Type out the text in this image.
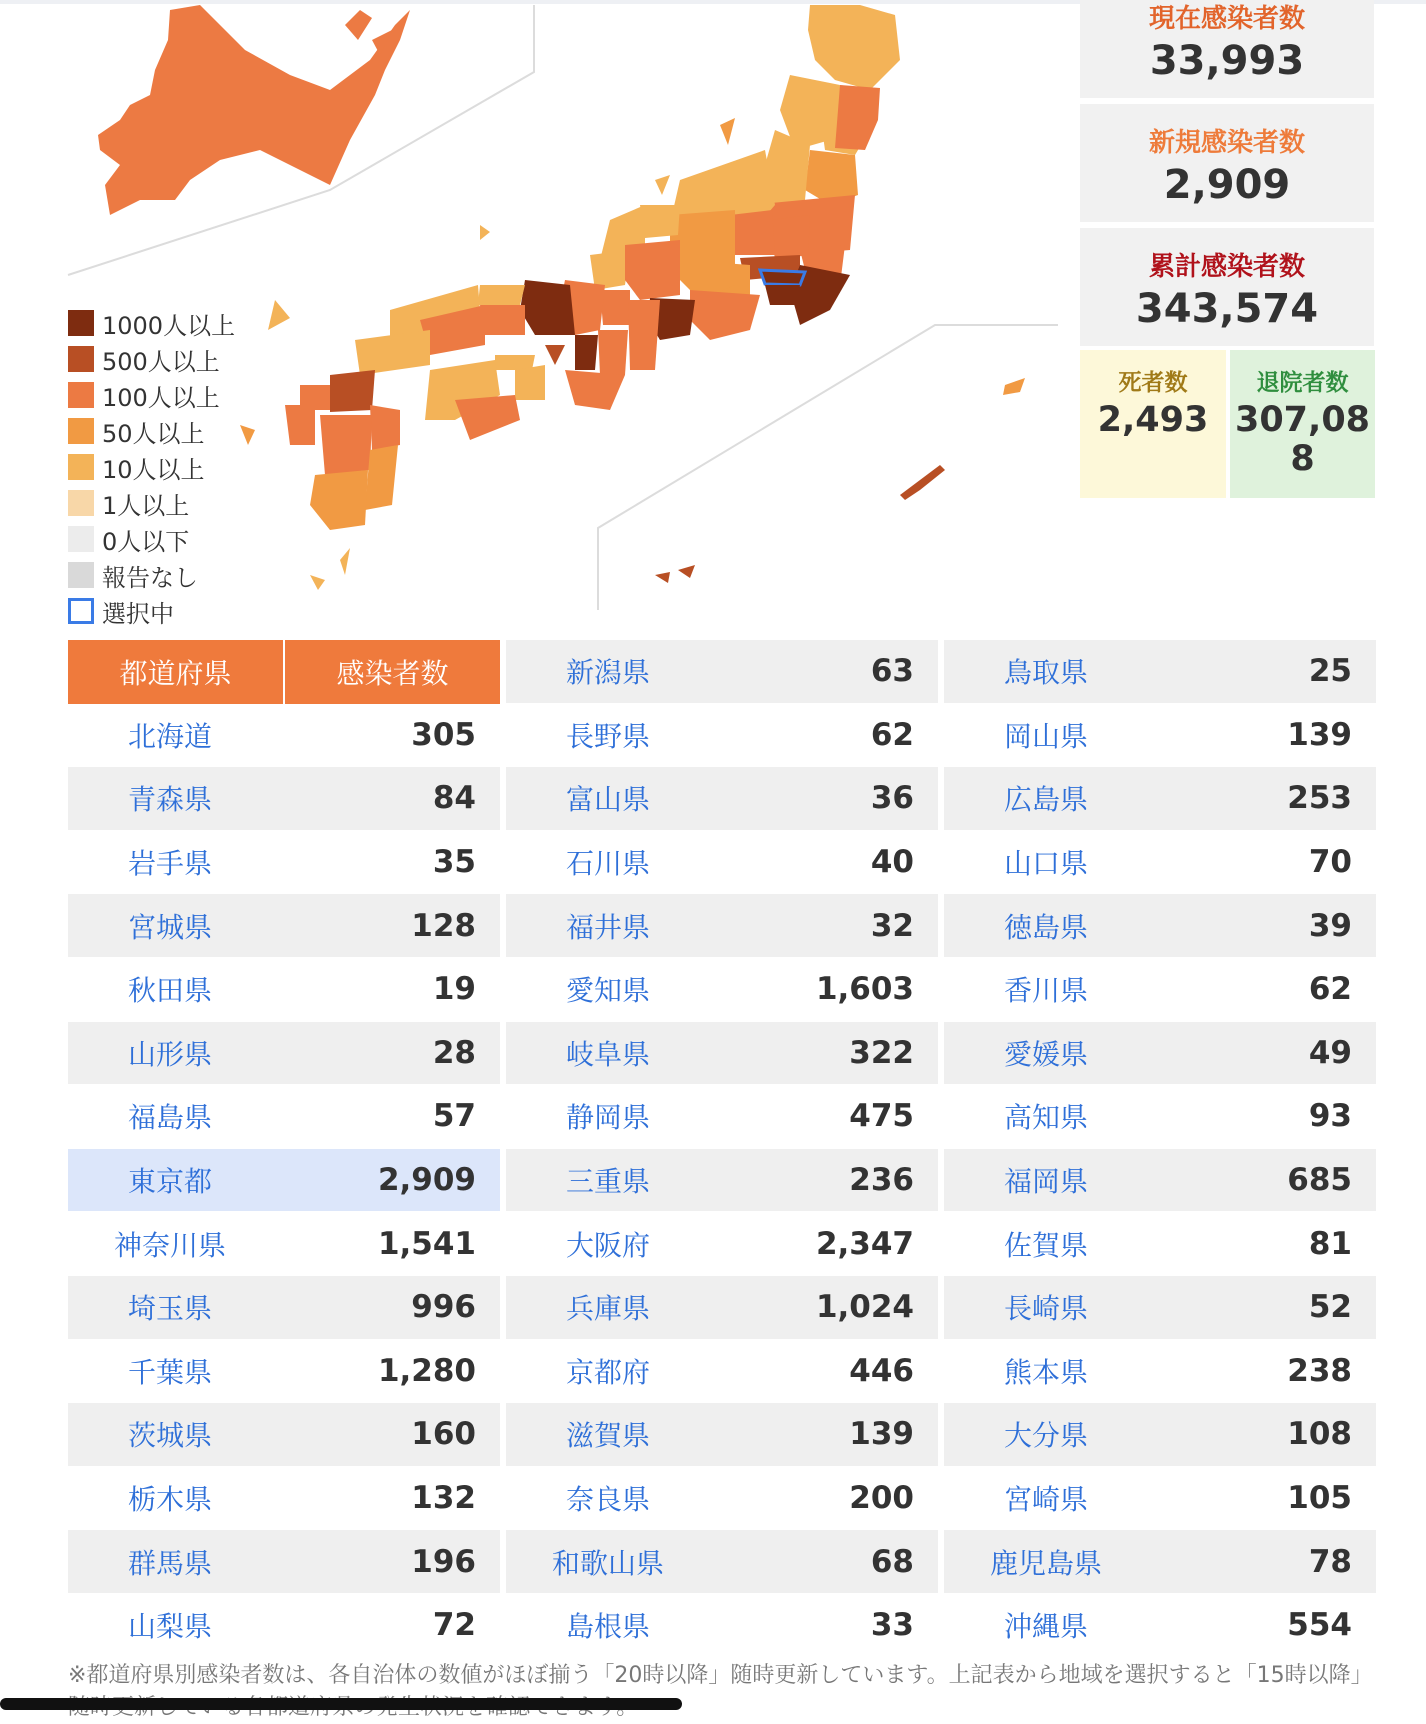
1000人以上
500人以上
100人以上
50人以上
10人以上
1人以上
0人以下
報告なし
選択中
現在感染者数
33,993
新規感染者数
2,909
累計感染者数
343,574
死者数
2,493
退院者数
307,08
8
都道府県	感染者数
北海道	305
青森県	84
岩手県	35
宮城県	128
秋田県	19
山形県	28
福島県	57
東京都	2,909
神奈川県	1,541
埼玉県	996
千葉県	1,280
茨城県	160
栃木県	132
群馬県	196
山梨県	72
新潟県	63
長野県	62
富山県	36
石川県	40
福井県	32
愛知県	1,603
岐阜県	322
静岡県	475
三重県	236
大阪府	2,347
兵庫県	1,024
京都府	446
滋賀県	139
奈良県	200
和歌山県	68
島根県	33
鳥取県	25
岡山県	139
広島県	253
山口県	70
徳島県	39
香川県	62
愛媛県	49
高知県	93
福岡県	685
佐賀県	81
長崎県	52
熊本県	238
大分県	108
宮崎県	105
鹿児島県	78
沖縄県	554
※都道府県別感染者数は、各自治体の数値がほぼ揃う「20時以降」随時更新しています。上記表から地域を選択すると「15時以降」
